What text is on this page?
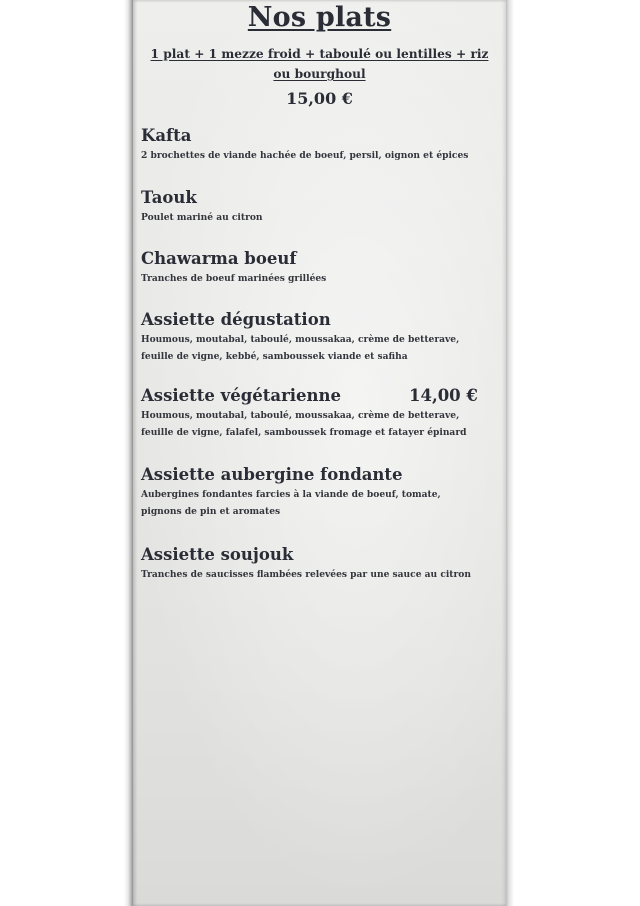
Nos plats
1 plat + 1 mezze froid + taboulé ou lentilles + riz
ou bourghoul
15,00 €
Kafta
2 brochettes de viande hachée de boeuf, persil, oignon et épices
Taouk
Poulet mariné au citron
Chawarma boeuf
Tranches de boeuf marinées grillées
Assiette dégustation
Houmous, moutabal, taboulé, moussakaa, crème de betterave,
feuille de vigne, kebbé, samboussek viande et safiha
Assiette végétarienne	14,00 €
Houmous, moutabal, taboulé, moussakaa, crème de betterave,
feuille de vigne, falafel, samboussek fromage et fatayer épinard
Assiette aubergine fondante
Aubergines fondantes farcies à la viande de boeuf, tomate,
pignons de pin et aromates
Assiette soujouk
Tranches de saucisses flambées relevées par une sauce au citron
